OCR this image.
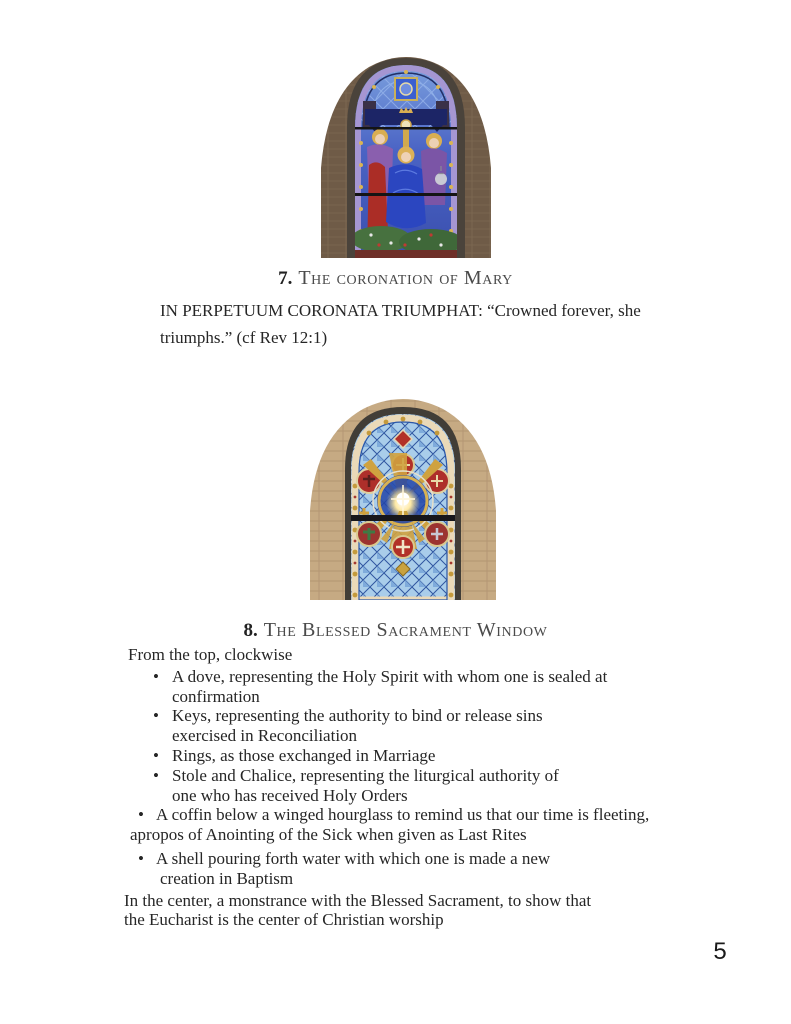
7. The coronation of Mary
IN PERPETUUM CORONATA TRIUMPHAT: “Crowned forever, she
triumphs.” (cf Rev 12:1)
8. The Blessed Sacrament Window
From the top, clockwise
• A dove, representing the Holy Spirit with whom one is sealed at
confirmation
• Keys, representing the authority to bind or release sins
exercised in Reconciliation
• Rings, as those exchanged in Marriage
• Stole and Chalice, representing the liturgical authority of
one who has received Holy Orders
• A coffin below a winged hourglass to remind us that our time is fleeting,
apropos of Anointing of the Sick when given as Last Rites
• A shell pouring forth water with which one is made a new
creation in Baptism
In the center, a monstrance with the Blessed Sacrament, to show that
the Eucharist is the center of Christian worship
5
